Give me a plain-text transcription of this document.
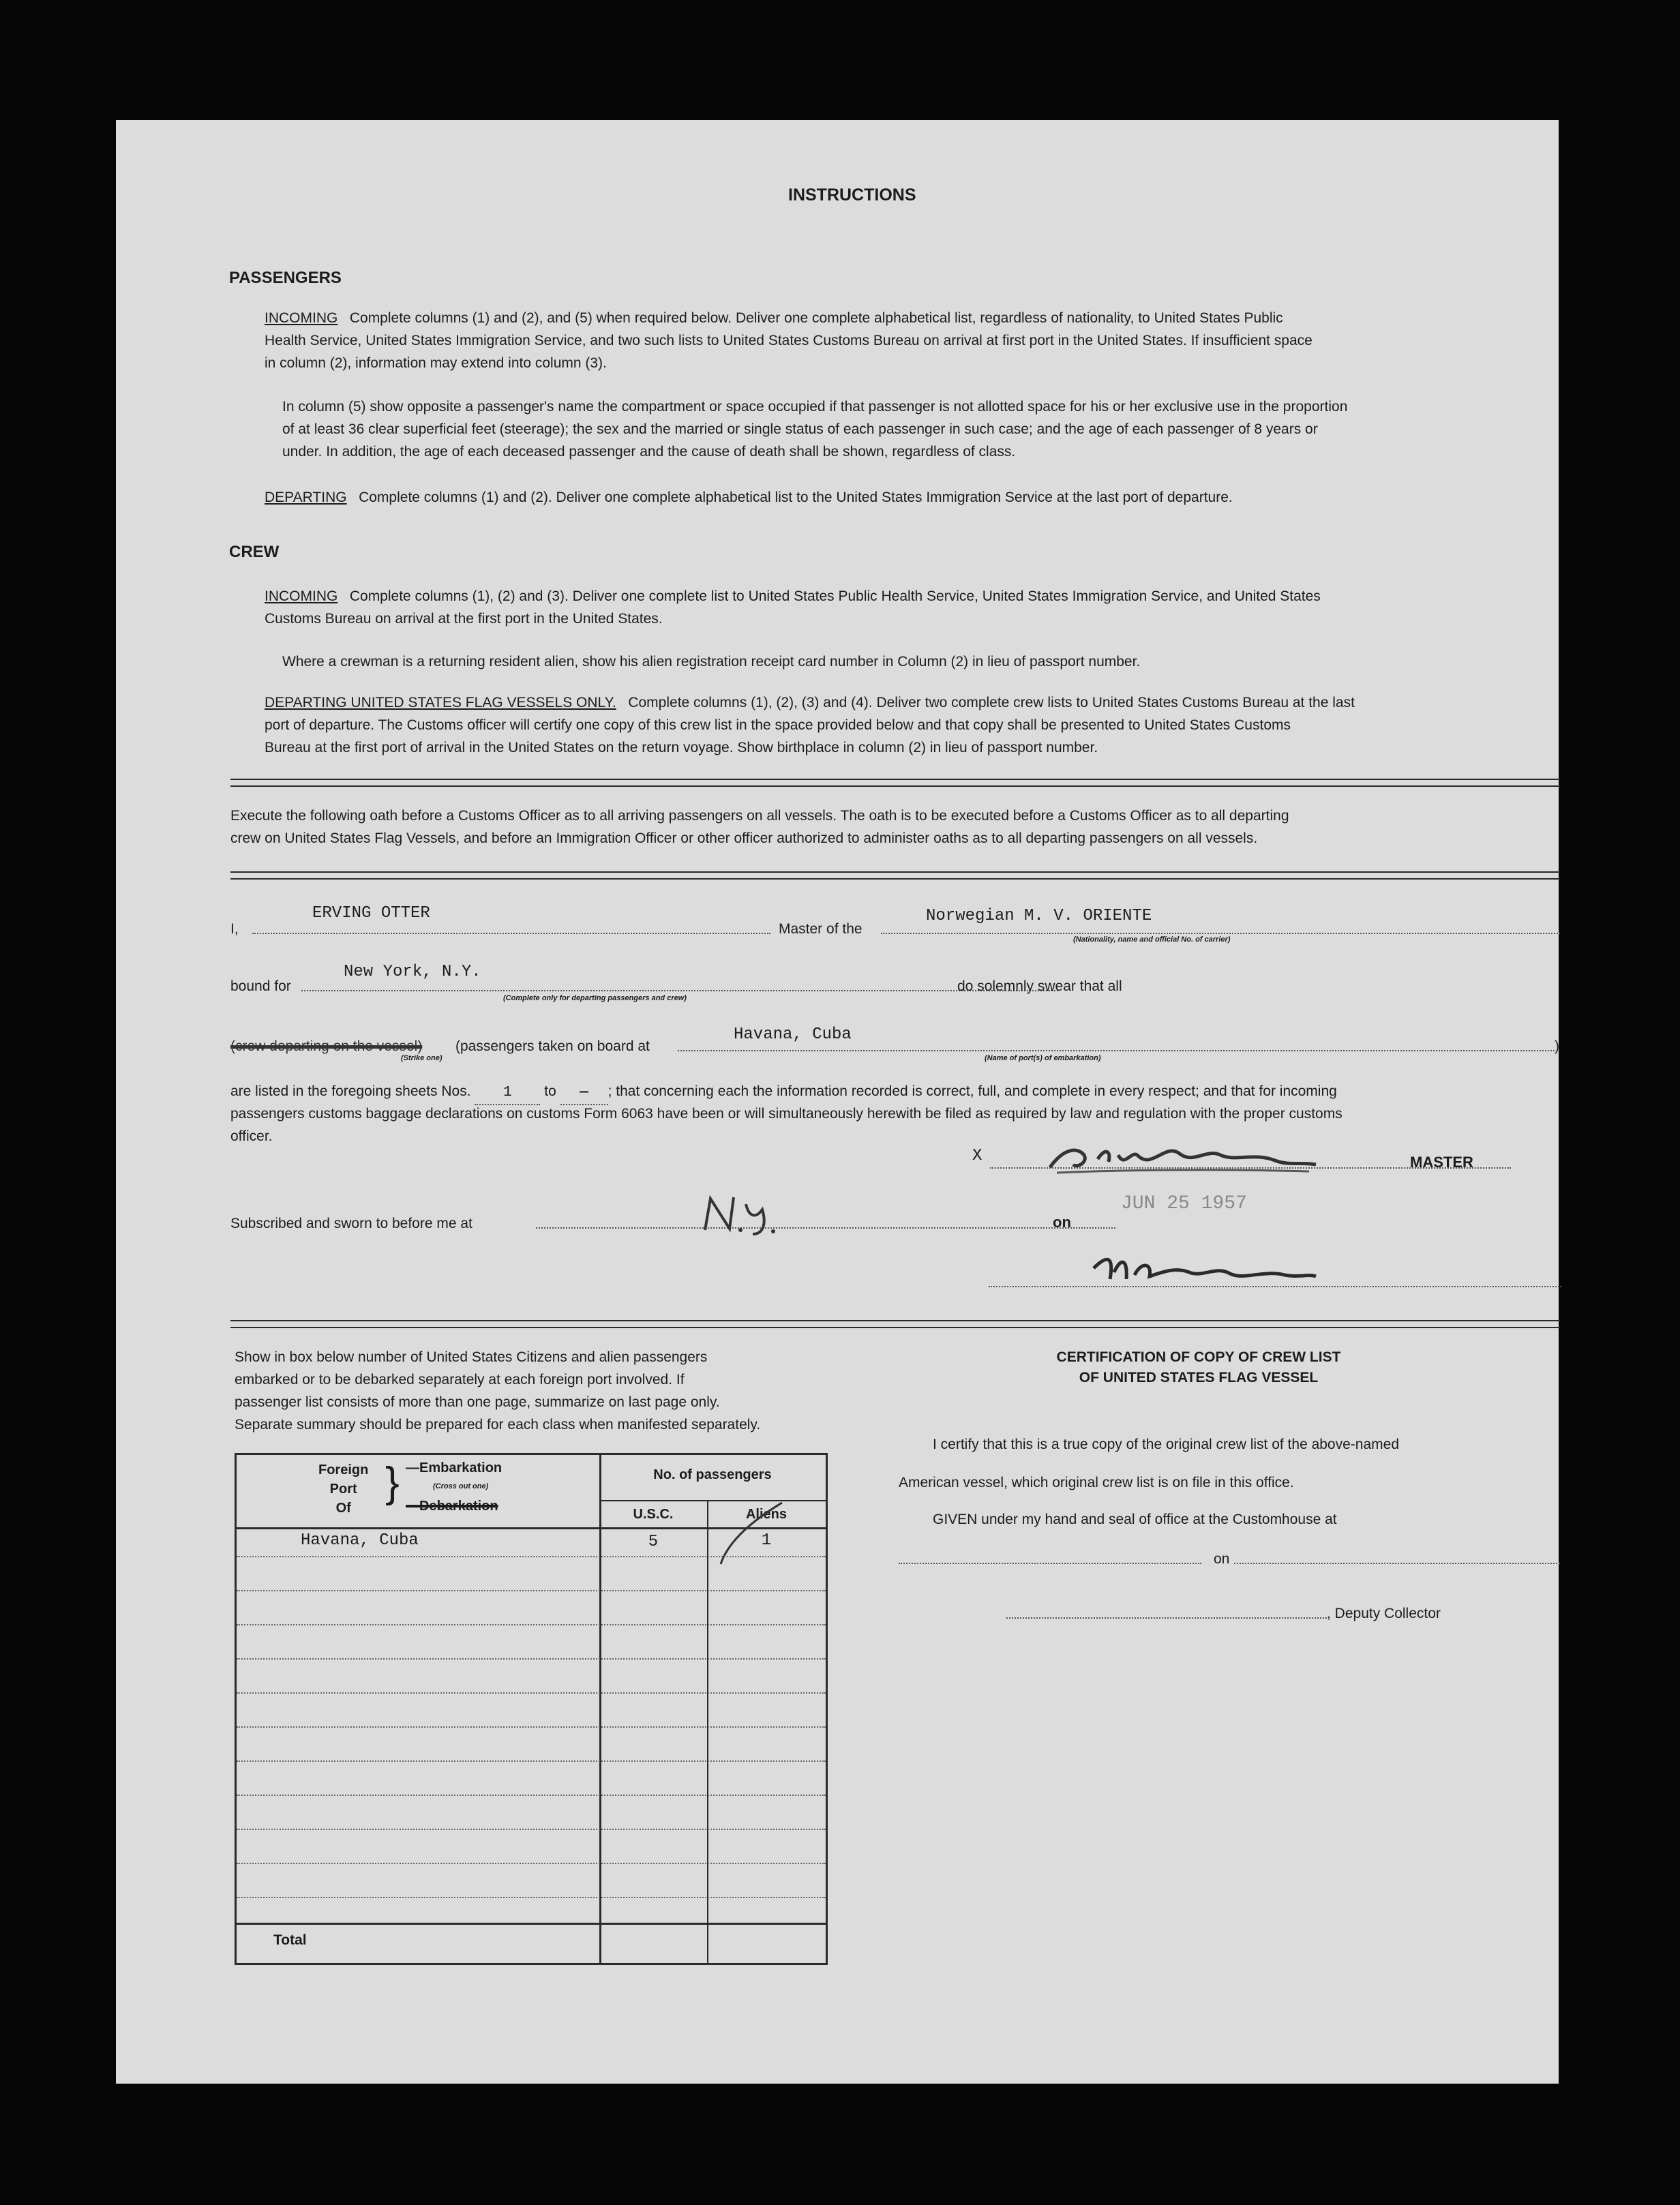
INSTRUCTIONS
PASSENGERS
INCOMING Complete columns (1) and (2), and (5) when required below. Deliver one complete alphabetical list, regardless of nationality, to United States Public
Health Service, United States Immigration Service, and two such lists to United States Customs Bureau on arrival at first port in the United States. If insufficient space
in column (2), information may extend into column (3).
In column (5) show opposite a passenger's name the compartment or space occupied if that passenger is not allotted space for his or her exclusive use in the proportion
of at least 36 clear superficial feet (steerage); the sex and the married or single status of each passenger in such case; and the age of each passenger of 8 years or
under. In addition, the age of each deceased passenger and the cause of death shall be shown, regardless of class.
DEPARTING Complete columns (1) and (2). Deliver one complete alphabetical list to the United States Immigration Service at the last port of departure.
CREW
INCOMING Complete columns (1), (2) and (3). Deliver one complete list to United States Public Health Service, United States Immigration Service, and United States
Customs Bureau on arrival at the first port in the United States.
Where a crewman is a returning resident alien, show his alien registration receipt card number in Column (2) in lieu of passport number.
DEPARTING UNITED STATES FLAG VESSELS ONLY. Complete columns (1), (2), (3) and (4). Deliver two complete crew lists to United States Customs Bureau at the last
port of departure. The Customs officer will certify one copy of this crew list in the space provided below and that copy shall be presented to United States Customs
Bureau at the first port of arrival in the United States on the return voyage. Show birthplace in column (2) in lieu of passport number.
Execute the following oath before a Customs Officer as to all arriving passengers on all vessels. The oath is to be executed before a Customs Officer as to all departing
crew on United States Flag Vessels, and before an Immigration Officer or other officer authorized to administer oaths as to all departing passengers on all vessels.
I,
ERVING OTTER
Master of the
Norwegian M. V. ORIENTE
(Nationality, name and official No. of carrier)
bound for
New York, N.Y.
(Complete only for departing passengers and crew)
do solemnly swear that all
(crew departing on the vessel)
(Strike one)
(passengers taken on board at
Havana, Cuba
(Name of port(s) of embarkation)
)
are listed in the foregoing sheets Nos. 1 to — ; that concerning each the information recorded is correct, full, and complete in every respect; and that for incoming
passengers customs baggage declarations on customs Form 6063 have been or will simultaneously herewith be filed as required by law and regulation with the proper customs
officer.
X	MASTER
Subscribed and sworn to before me at	on
JUN 25 1957
Show in box below number of United States Citizens and alien passengers
embarked or to be debarked separately at each foreign port involved. If
passenger list consists of more than one page, summarize on last page only.
Separate summary should be prepared for each class when manifested separately.
Foreign
Port
Of
} —Embarkation
(Cross out one)
—Debarkation
No. of passengers
U.S.C.	Aliens
Havana, Cuba	5	1
Total
CERTIFICATION OF COPY OF CREW LIST
OF UNITED STATES FLAG VESSEL
I certify that this is a true copy of the original crew list of the above-named
American vessel, which original crew list is on file in this office.
GIVEN under my hand and seal of office at the Customhouse at
on
, Deputy Collector
